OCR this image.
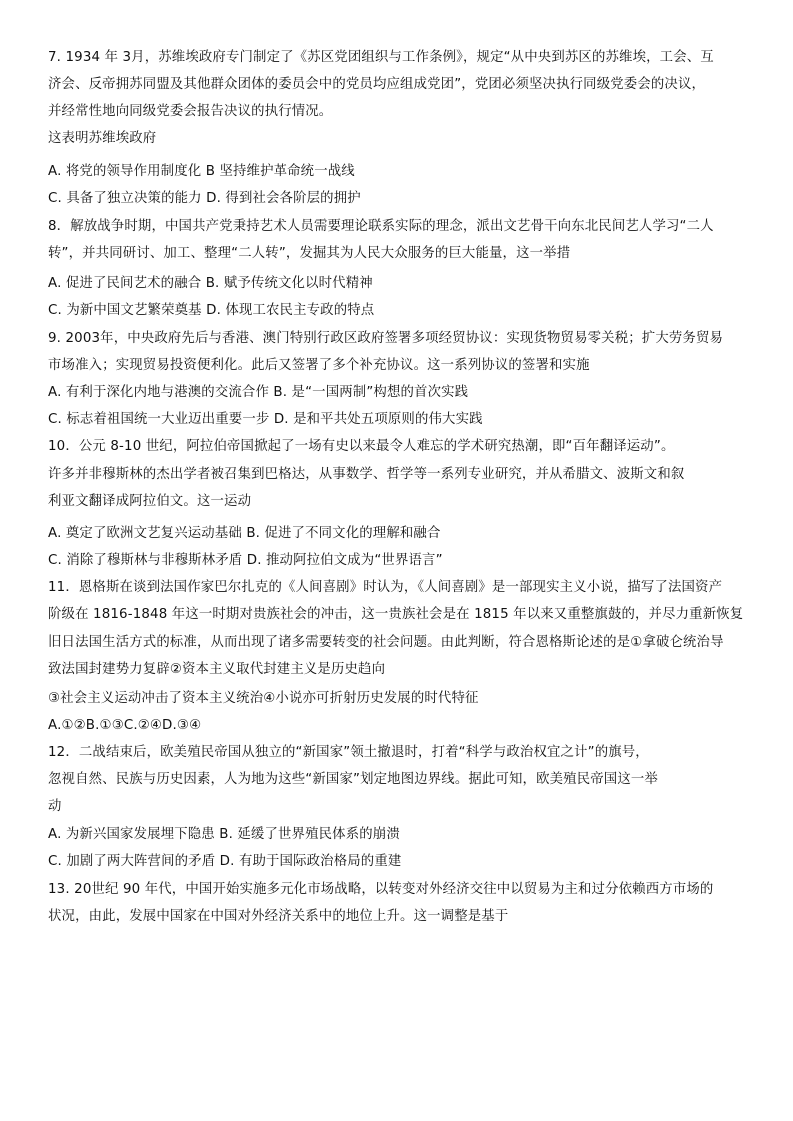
7. 1934 年 3月，苏维埃政府专门制定了《苏区党团组织与工作条例》，规定“从中央到苏区的苏维埃，工会、互
济会、反帝拥苏同盟及其他群众团体的委员会中的党员均应组成党团”，党团必须坚决执行同级党委会的决议，
并经常性地向同级党委会报告决议的执行情况。
这表明苏维埃政府
A. 将党的领导作用制度化 B 坚持维护革命统一战线
C. 具备了独立决策的能力 D. 得到社会各阶层的拥护
8．解放战争时期，中国共产党秉持艺术人员需要理论联系实际的理念，派出文艺骨干向东北民间艺人学习“二人
转”，并共同研讨、加工、整理“二人转”，发掘其为人民大众服务的巨大能量，这一举措
A. 促进了民间艺术的融合 B. 赋予传统文化以时代精神
C. 为新中国文艺繁荣奠基 D. 体现工农民主专政的特点
9. 2003年，中央政府先后与香港、澳门特别行政区政府签署多项经贸协议：实现货物贸易零关税；扩大劳务贸易
市场准入；实现贸易投资便利化。此后又签署了多个补充协议。这一系列协议的签署和实施
A. 有利于深化内地与港澳的交流合作 B. 是“一国两制”构想的首次实践
C. 标志着祖国统一大业迈出重要一步 D. 是和平共处五项原则的伟大实践
10．公元 8-10 世纪，阿拉伯帝国掀起了一场有史以来最令人难忘的学术研究热潮，即“百年翻译运动”。
许多并非穆斯林的杰出学者被召集到巴格达，从事数学、哲学等一系列专业研究，并从希腊文、波斯文和叙
利亚文翻译成阿拉伯文。这一运动
A. 奠定了欧洲文艺复兴运动基础 B. 促进了不同文化的理解和融合
C. 消除了穆斯林与非穆斯林矛盾 D. 推动阿拉伯文成为“世界语言”
11．恩格斯在谈到法国作家巴尔扎克的《人间喜剧》时认为，《人间喜剧》是一部现实主义小说，描写了法国资产
阶级在 1816-1848 年这一时期对贵族社会的冲击，这一贵族社会是在 1815 年以来又重整旗鼓的，并尽力重新恢复
旧日法国生活方式的标准，从而出现了诸多需要转变的社会问题。由此判断，符合恩格斯论述的是①拿破仑统治导
致法国封建势力复辟②资本主义取代封建主义是历史趋向
③社会主义运动冲击了资本主义统治④小说亦可折射历史发展的时代特征
A.①②B.①③C.②④D.③④
12．二战结束后，欧美殖民帝国从独立的“新国家”领土撤退时，打着“科学与政治权宜之计”的旗号，
忽视自然、民族与历史因素，人为地为这些“新国家”划定地图边界线。据此可知，欧美殖民帝国这一举
动
A. 为新兴国家发展埋下隐患 B. 延缓了世界殖民体系的崩溃
C. 加剧了两大阵营间的矛盾 D. 有助于国际政治格局的重建
13. 20世纪 90 年代，中国开始实施多元化市场战略，以转变对外经济交往中以贸易为主和过分依赖西方市场的
状况，由此，发展中国家在中国对外经济关系中的地位上升。这一调整是基于
